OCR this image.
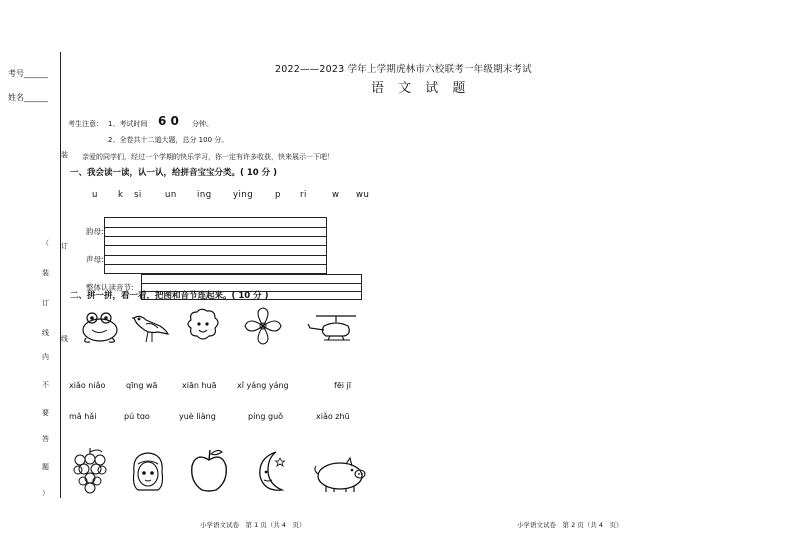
考号______
姓名______
（
装
订
线
内
不
要
答
题
）
装
订
线
2022——2023 学年上学期虎林市六校联考一年级期末考试
语 文 试 题
考生注意： 1、考试时间 6 0 分钟。
2、全卷共十二道大题，总分 100 分。
亲爱的同学们，经过一个学期的快乐学习，你一定有许多收获，快来展示一下吧！
一、我会读一读，认一认，给拼音宝宝分类。( 10 分 )
u k si	un ing	ying	p ri	w wu
韵母:
声母:
整体认读音节:
二、拼一拼，看一看，把图和音节连起来。( 10 分 )
xiǎo niǎo	qīng wā	xiān huā	xǐ yáng yáng	fēi jī
mǎ hǎi	pú tɑo	yuè liàng	píng guǒ	xiǎo zhū
小学语文试卷　第 1 页（共 4　页）	小学语文试卷　第 2 页（共 4　页）
